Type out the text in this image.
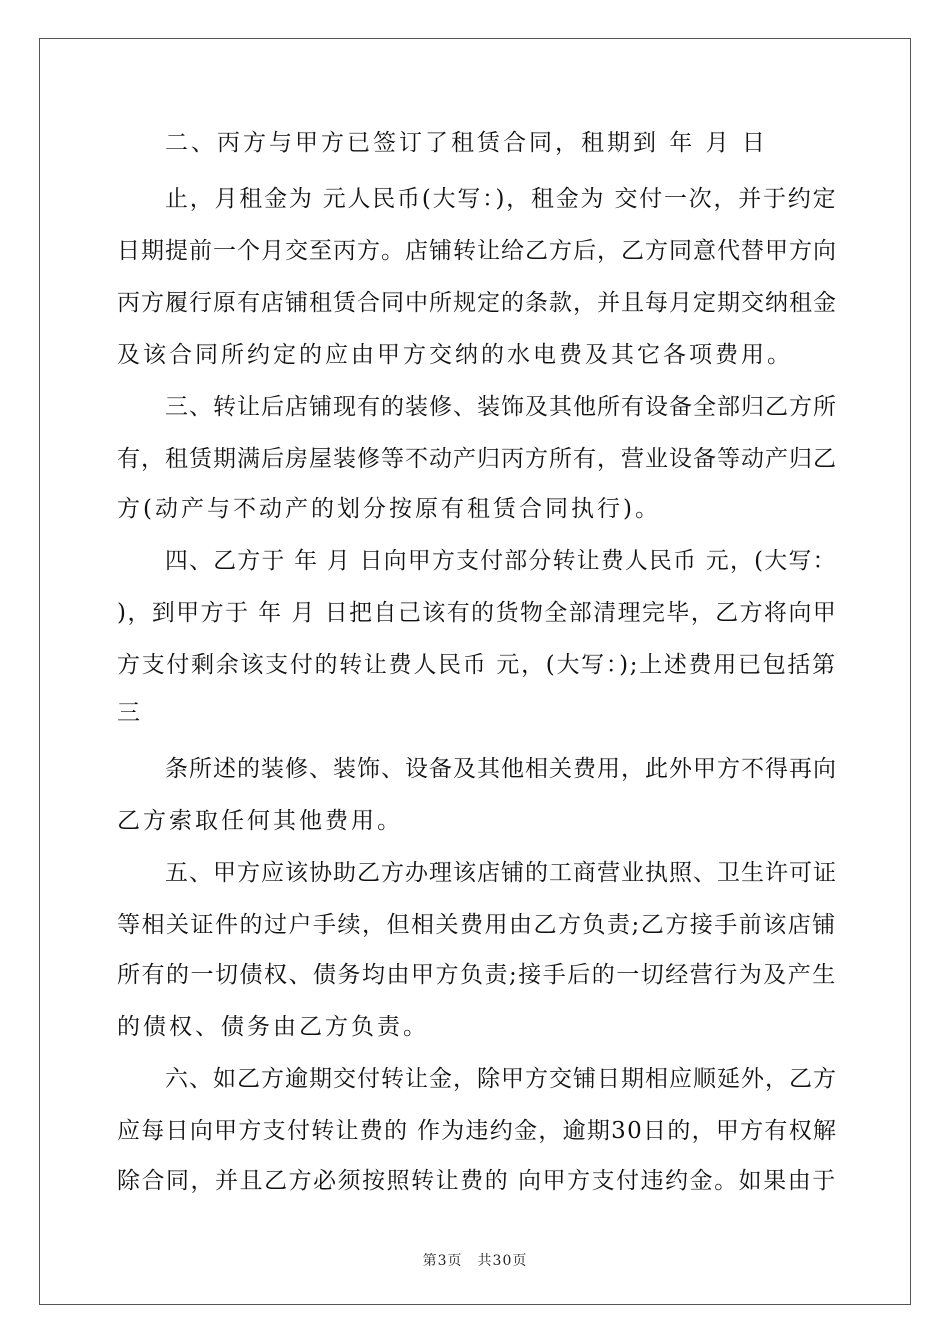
二、丙方与甲方已签订了租赁合同，租期到 年 月 日
止，月租金为 元人民币(大写：)，租金为 交付一次，并于约定
日期提前一个月交至丙方。店铺转让给乙方后，乙方同意代替甲方向
丙方履行原有店铺租赁合同中所规定的条款，并且每月定期交纳租金
及该合同所约定的应由甲方交纳的水电费及其它各项费用。
三、转让后店铺现有的装修、装饰及其他所有设备全部归乙方所
有，租赁期满后房屋装修等不动产归丙方所有，营业设备等动产归乙
方(动产与不动产的划分按原有租赁合同执行)。
四、乙方于 年 月 日向甲方支付部分转让费人民币 元，(大写：
)，到甲方于 年 月 日把自己该有的货物全部清理完毕，乙方将向甲
方支付剩余该支付的转让费人民币 元，(大写：);上述费用已包括第
三
条所述的装修、装饰、设备及其他相关费用，此外甲方不得再向
乙方索取任何其他费用。
五、甲方应该协助乙方办理该店铺的工商营业执照、卫生许可证
等相关证件的过户手续，但相关费用由乙方负责;乙方接手前该店铺
所有的一切债权、债务均由甲方负责;接手后的一切经营行为及产生
的债权、债务由乙方负责。
六、如乙方逾期交付转让金，除甲方交铺日期相应顺延外，乙方
应每日向甲方支付转让费的 作为违约金，逾期30日的，甲方有权解
除合同，并且乙方必须按照转让费的 向甲方支付违约金。如果由于
第3页　共30页
